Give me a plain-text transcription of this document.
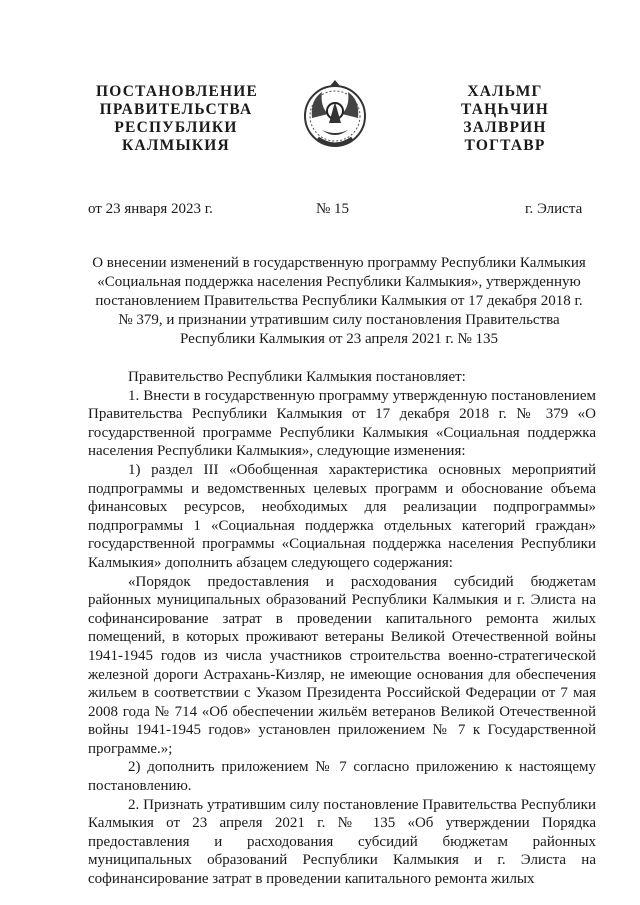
ПОСТАНОВЛЕНИЕ
ПРАВИТЕЛЬСТВА
РЕСПУБЛИКИ
КАЛМЫКИЯ
ХАЛЬМГ
ТАҢҺЧИН
ЗАЛВРИН
ТОГТАВР
от 23 января 2023 г.	№ 15	г. Элиста
О внесении изменений в государственную программу Республики Калмыкия «Социальная поддержка населения Республики Калмыкия», утвержденную постановлением Правительства Республики Калмыкия от 17 декабря 2018 г. № 379, и признании утратившим силу постановления Правительства Республики Калмыкия от 23 апреля 2021 г. № 135

Правительство Республики Калмыкия постановляет:

1. Внести в государственную программу утвержденную постановлением Правительства Республики Калмыкия от 17 декабря 2018 г. № 379 «О государственной программе Республики Калмыкия «Социальная поддержка населения Республики Калмыкия», следующие изменения:

1) раздел III «Обобщенная характеристика основных мероприятий подпрограммы и ведомственных целевых программ и обоснование объема финансовых ресурсов, необходимых для реализации подпрограммы» подпрограммы 1 «Социальная поддержка отдельных категорий граждан» государственной программы «Социальная поддержка населения Республики Калмыкия» дополнить абзацем следующего содержания:

«Порядок предоставления и расходования субсидий бюджетам районных муниципальных образований Республики Калмыкия и г. Элиста на софинансирование затрат в проведении капитального ремонта жилых помещений, в которых проживают ветераны Великой Отечественной войны 1941-1945 годов из числа участников строительства военно-стратегической железной дороги Астрахань-Кизляр, не имеющие основания для обеспечения жильем в соответствии с Указом Президента Российской Федерации от 7 мая 2008 года № 714 «Об обеспечении жильём ветеранов Великой Отечественной войны 1941-1945 годов» установлен приложением № 7 к Государственной программе.»;

2) дополнить приложением № 7 согласно приложению к настоящему постановлению.

2. Признать утратившим силу постановление Правительства Республики Калмыкия от 23 апреля 2021 г. № 135 «Об утверждении Порядка предоставления и расходования субсидий бюджетам районных муниципальных образований Республики Калмыкия и г. Элиста на софинансирование затрат в проведении капитального ремонта жилых
